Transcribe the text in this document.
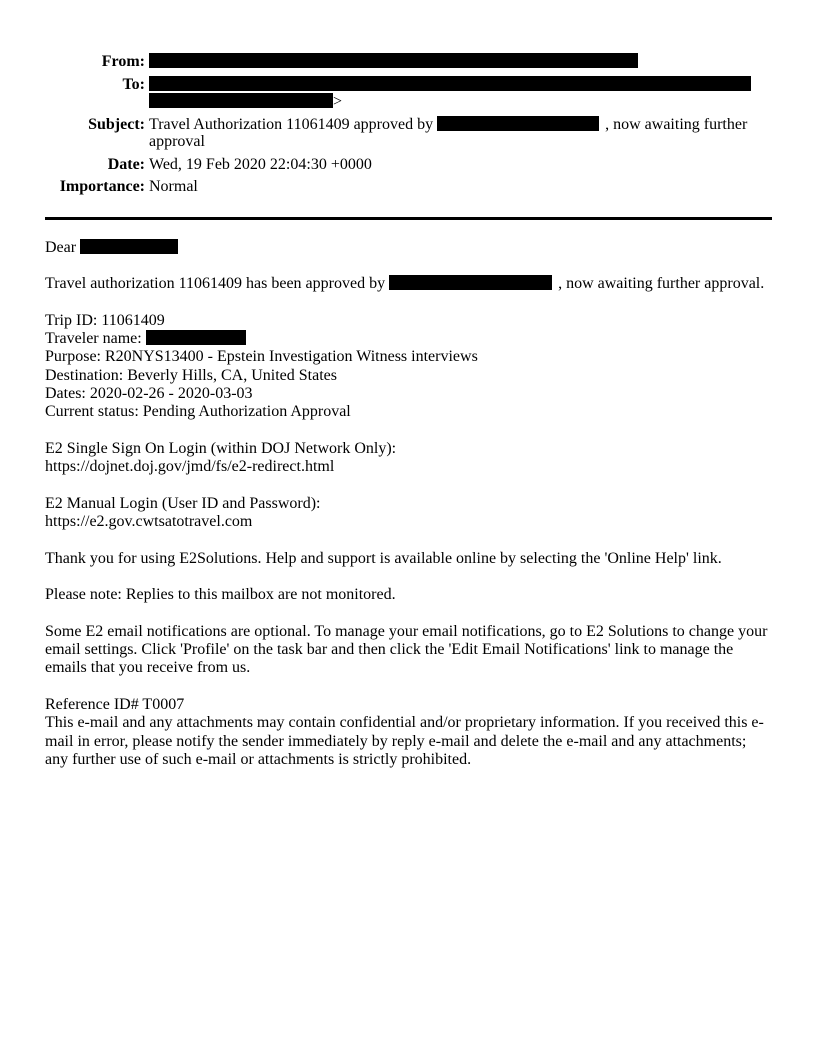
From:	
To:	>
Subject:	Travel Authorization 11061409 approved by , now awaiting further approval
Date:	Wed, 19 Feb 2020 22:04:30 +0000
Importance:	Normal

Dear

Travel authorization 11061409 has been approved by	, now awaiting further approval.

Trip ID: 11061409
Traveler name:
Purpose: R20NYS13400 - Epstein Investigation Witness interviews
Destination: Beverly Hills, CA, United States
Dates: 2020-02-26 - 2020-03-03
Current status: Pending Authorization Approval

E2 Single Sign On Login (within DOJ Network Only):
https://dojnet.doj.gov/jmd/fs/e2-redirect.html

E2 Manual Login (User ID and Password):
https://e2.gov.cwtsatotravel.com

Thank you for using E2Solutions. Help and support is available online by selecting the 'Online Help' link.

Please note: Replies to this mailbox are not monitored.

Some E2 email notifications are optional. To manage your email notifications, go to E2 Solutions to change your
email settings. Click 'Profile' on the task bar and then click the 'Edit Email Notifications' link to manage the
emails that you receive from us.

Reference ID# T0007
This e-mail and any attachments may contain confidential and/or proprietary information. If you received this e-
mail in error, please notify the sender immediately by reply e-mail and delete the e-mail and any attachments;
any further use of such e-mail or attachments is strictly prohibited.
